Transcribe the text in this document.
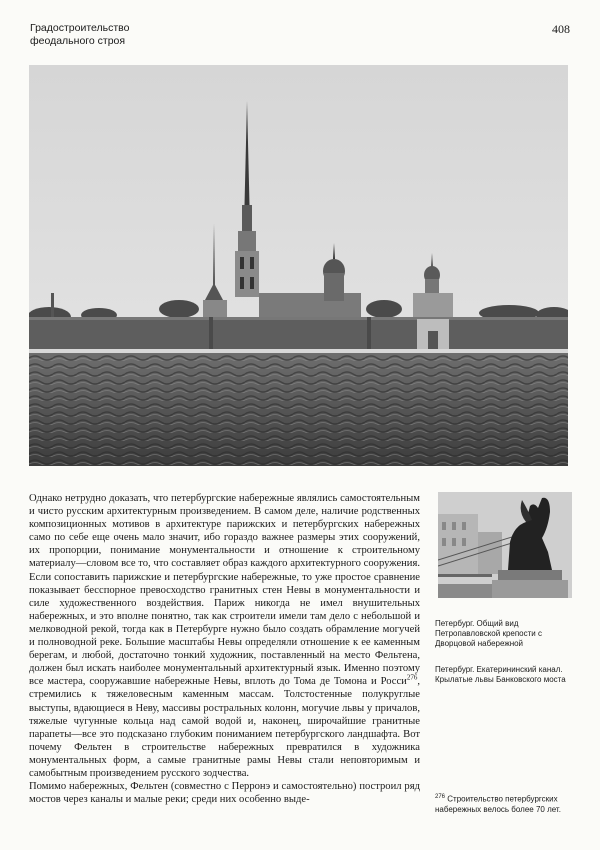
Градостроительство
феодального строя
408

Однако нетрудно доказать, что петербургские набережные являлись самостоятельным и чисто русским архитектурным произведением. В самом деле, наличие родственных композиционных мотивов в архитектуре парижских и петербургских набережных само по себе еще очень мало значит, ибо гораздо важнее размеры этих сооружений, их пропорции, понимание монументальности и отношение к строительному материалу—словом все то, что составляет образ каждого архитектурного сооружения. Если сопоставить парижские и петербургские набережные, то уже простое сравнение показывает бесспорное превосходство гранитных стен Невы в монументальности и силе художественного воздействия. Париж никогда не имел внушительных набережных, и это вполне понятно, так как строители имели там дело с небольшой и мелководной рекой, тогда как в Петербурге нужно было создать обрамление могучей и полноводной реке. Большие масштабы Невы определяли отношение к ее каменным берегам, и любой, достаточно тонкий художник, поставленный на место Фельтена, должен был искать наиболее монументальный архитектурный язык. Именно поэтому все мастера, сооружавшие набережные Невы, вплоть до Тома де Томона и Росси$^{276}$, стремились к тяжеловесным каменным массам. Толстостенные полукруглые выступы, вдающиеся в Неву, массивы ростральных колонн, могучие львы у причалов, тяжелые чугунные кольца над самой водой и, наконец, широчайшие гранитные парапеты—все это подсказано глубоким пониманием петербургского ландшафта. Вот почему Фельтен в строительстве набережных превратился в художника монументальных форм, а самые гранитные рамы Невы стали неповторимым и самобытным произведением русского зодчества.

Помимо набережных, Фельтен (совместно с Перронэ и самостоятельно) построил ряд мостов через каналы и малые реки; среди них особенно выде-

Петербург. Общий вид Петропавловской крепости с Дворцовой набережной
Петербург. Екатерининский канал. Крылатые львы Банковского моста
$^{276}$ Строительство петербургских набережных велось более 70 лет.
